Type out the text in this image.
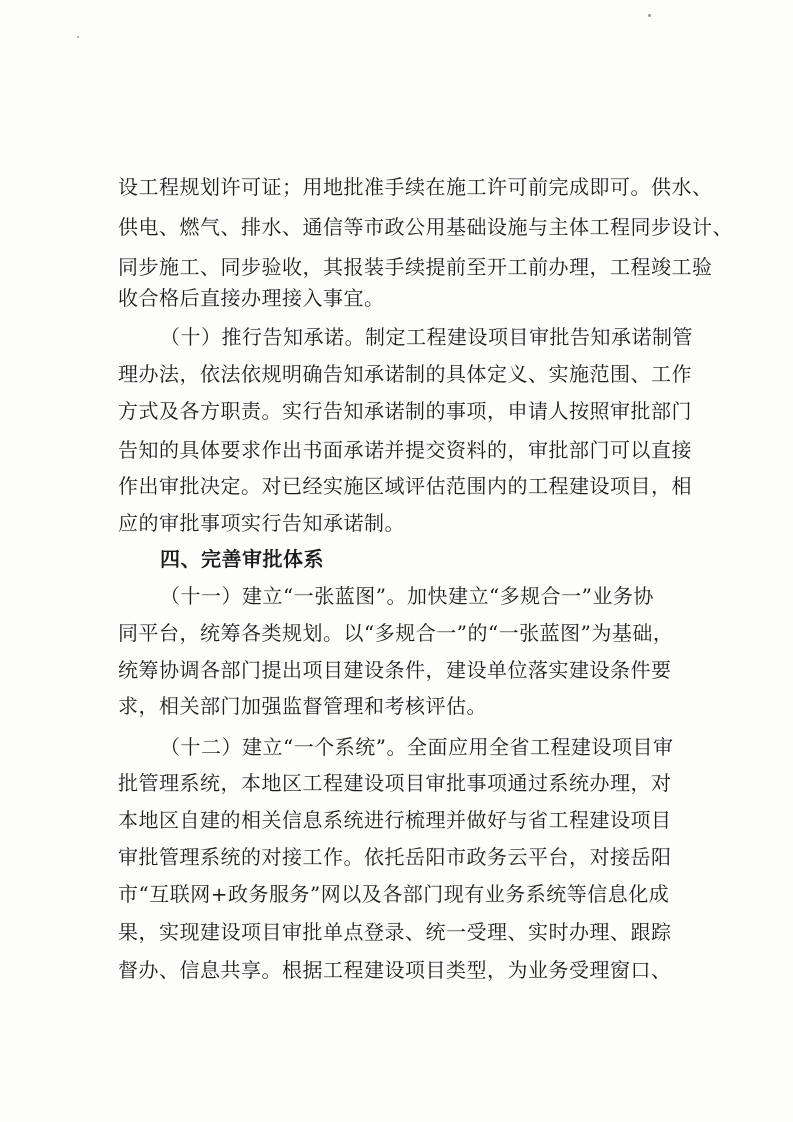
设工程规划许可证；用地批准手续在施工许可前完成即可。供水、
供电、燃气、排水、通信等市政公用基础设施与主体工程同步设计、
同步施工、同步验收，其报装手续提前至开工前办理，工程竣工验
收合格后直接办理接入事宜。
（十）推行告知承诺。制定工程建设项目审批告知承诺制管
理办法，依法依规明确告知承诺制的具体定义、实施范围、工作
方式及各方职责。实行告知承诺制的事项，申请人按照审批部门
告知的具体要求作出书面承诺并提交资料的，审批部门可以直接
作出审批决定。对已经实施区域评估范围内的工程建设项目，相
应的审批事项实行告知承诺制。
四、完善审批体系
（十一）建立“一张蓝图”。加快建立“多规合一”业务协
同平台，统筹各类规划。以“多规合一”的“一张蓝图”为基础，
统筹协调各部门提出项目建设条件，建设单位落实建设条件要
求，相关部门加强监督管理和考核评估。
（十二）建立“一个系统”。全面应用全省工程建设项目审
批管理系统，本地区工程建设项目审批事项通过系统办理，对
本地区自建的相关信息系统进行梳理并做好与省工程建设项目
审批管理系统的对接工作。依托岳阳市政务云平台，对接岳阳
市“互联网+政务服务”网以及各部门现有业务系统等信息化成
果，实现建设项目审批单点登录、统一受理、实时办理、跟踪
督办、信息共享。根据工程建设项目类型，为业务受理窗口、
